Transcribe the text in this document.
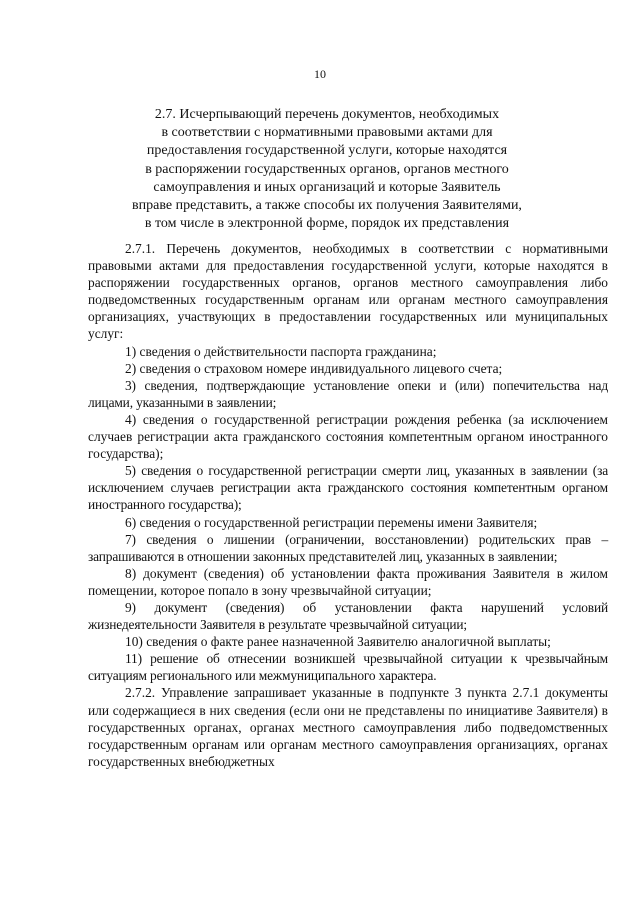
10
2.7. Исчерпывающий перечень документов, необходимых
в соответствии с нормативными правовыми актами для
предоставления государственной услуги, которые находятся
в распоряжении государственных органов, органов местного
самоуправления и иных организаций и которые Заявитель
вправе представить, а также способы их получения Заявителями,
в том числе в электронной форме, порядок их представления

2.7.1. Перечень документов, необходимых в соответствии с нормативными правовыми актами для предоставления государственной услуги, которые находятся в распоряжении государственных органов, органов местного самоуправления либо подведомственных государственным органам или органам местного самоуправления организациях, участвующих в предоставлении государственных или муниципальных услуг:

1) сведения о действительности паспорта гражданина;

2) сведения о страховом номере индивидуального лицевого счета;

3) сведения, подтверждающие установление опеки и (или) попечительства над лицами, указанными в заявлении;

4) сведения о государственной регистрации рождения ребенка (за исключением случаев регистрации акта гражданского состояния компетентным органом иностранного государства);

5) сведения о государственной регистрации смерти лиц, указанных в заявлении (за исключением случаев регистрации акта гражданского состояния компетентным органом иностранного государства);

6) сведения о государственной регистрации перемены имени Заявителя;

7) сведения о лишении (ограничении, восстановлении) родительских прав – запрашиваются в отношении законных представителей лиц, указанных в заявлении;

8) документ (сведения) об установлении факта проживания Заявителя в жилом помещении, которое попало в зону чрезвычайной ситуации;

9) документ (сведения) об установлении факта нарушений условий жизнедеятельности Заявителя в результате чрезвычайной ситуации;

10) сведения о факте ранее назначенной Заявителю аналогичной выплаты;

11) решение об отнесении возникшей чрезвычайной ситуации к чрезвычайным ситуациям регионального или межмуниципального характера.

2.7.2. Управление запрашивает указанные в подпункте 3 пункта 2.7.1 документы или содержащиеся в них сведения (если они не представлены по инициативе Заявителя) в государственных органах, органах местного самоуправления либо подведомственных государственным органам или органам местного самоуправления организациях, органах государственных внебюджетных
